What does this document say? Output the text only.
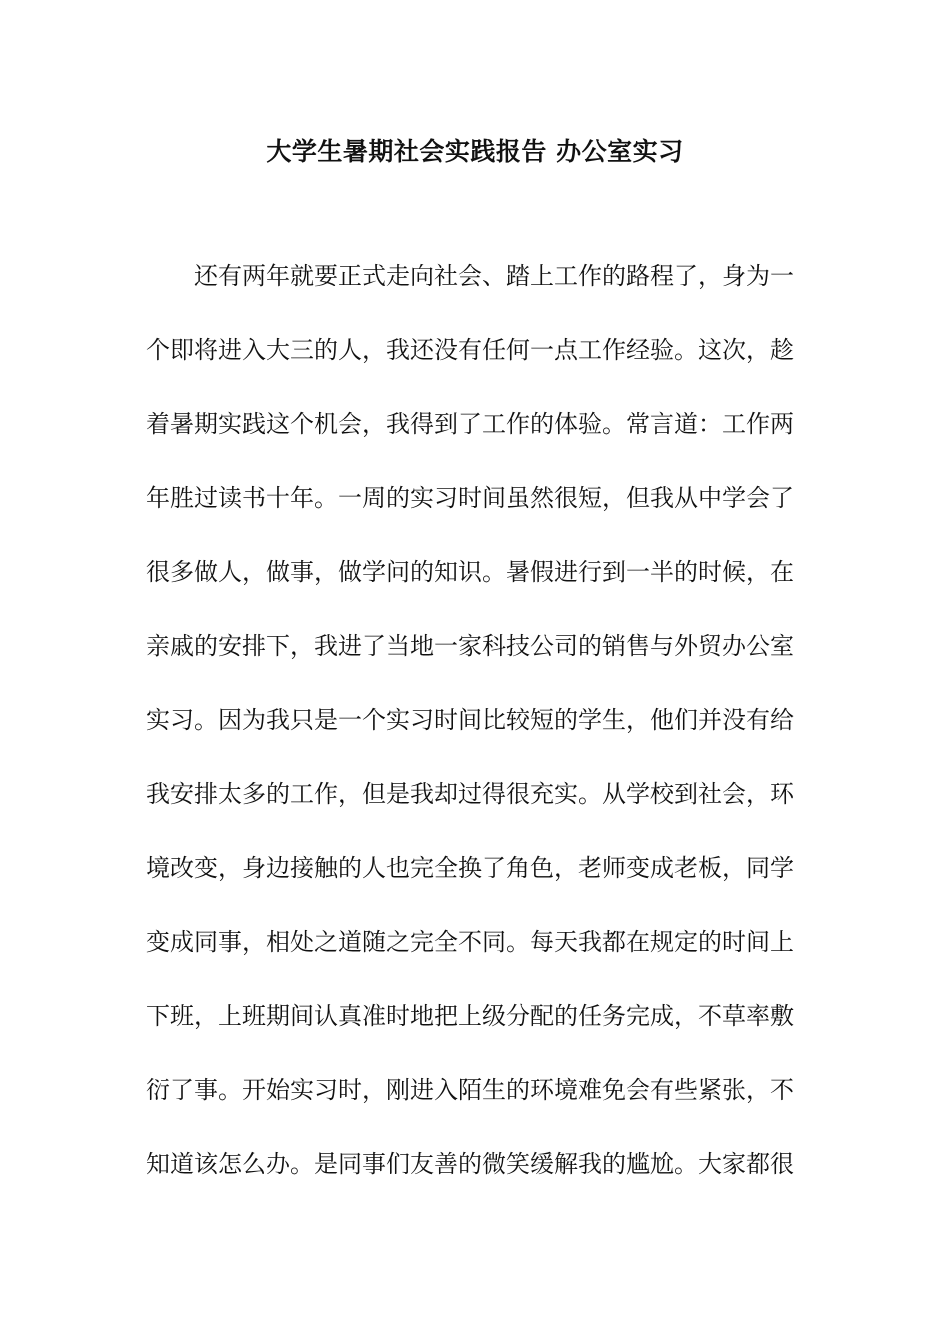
大学生暑期社会实践报告 办公室实习
还有两年就要正式走向社会、踏上工作的路程了，身为一
个即将进入大三的人，我还没有任何一点工作经验。这次，趁
着暑期实践这个机会，我得到了工作的体验。常言道：工作两
年胜过读书十年。一周的实习时间虽然很短，但我从中学会了
很多做人，做事，做学问的知识。暑假进行到一半的时候，在
亲戚的安排下，我进了当地一家科技公司的销售与外贸办公室
实习。因为我只是一个实习时间比较短的学生，他们并没有给
我安排太多的工作，但是我却过得很充实。从学校到社会，环
境改变，身边接触的人也完全换了角色，老师变成老板，同学
变成同事，相处之道随之完全不同。每天我都在规定的时间上
下班，上班期间认真准时地把上级分配的任务完成，不草率敷
衍了事。开始实习时，刚进入陌生的环境难免会有些紧张，不
知道该怎么办。是同事们友善的微笑缓解我的尴尬。大家都很
